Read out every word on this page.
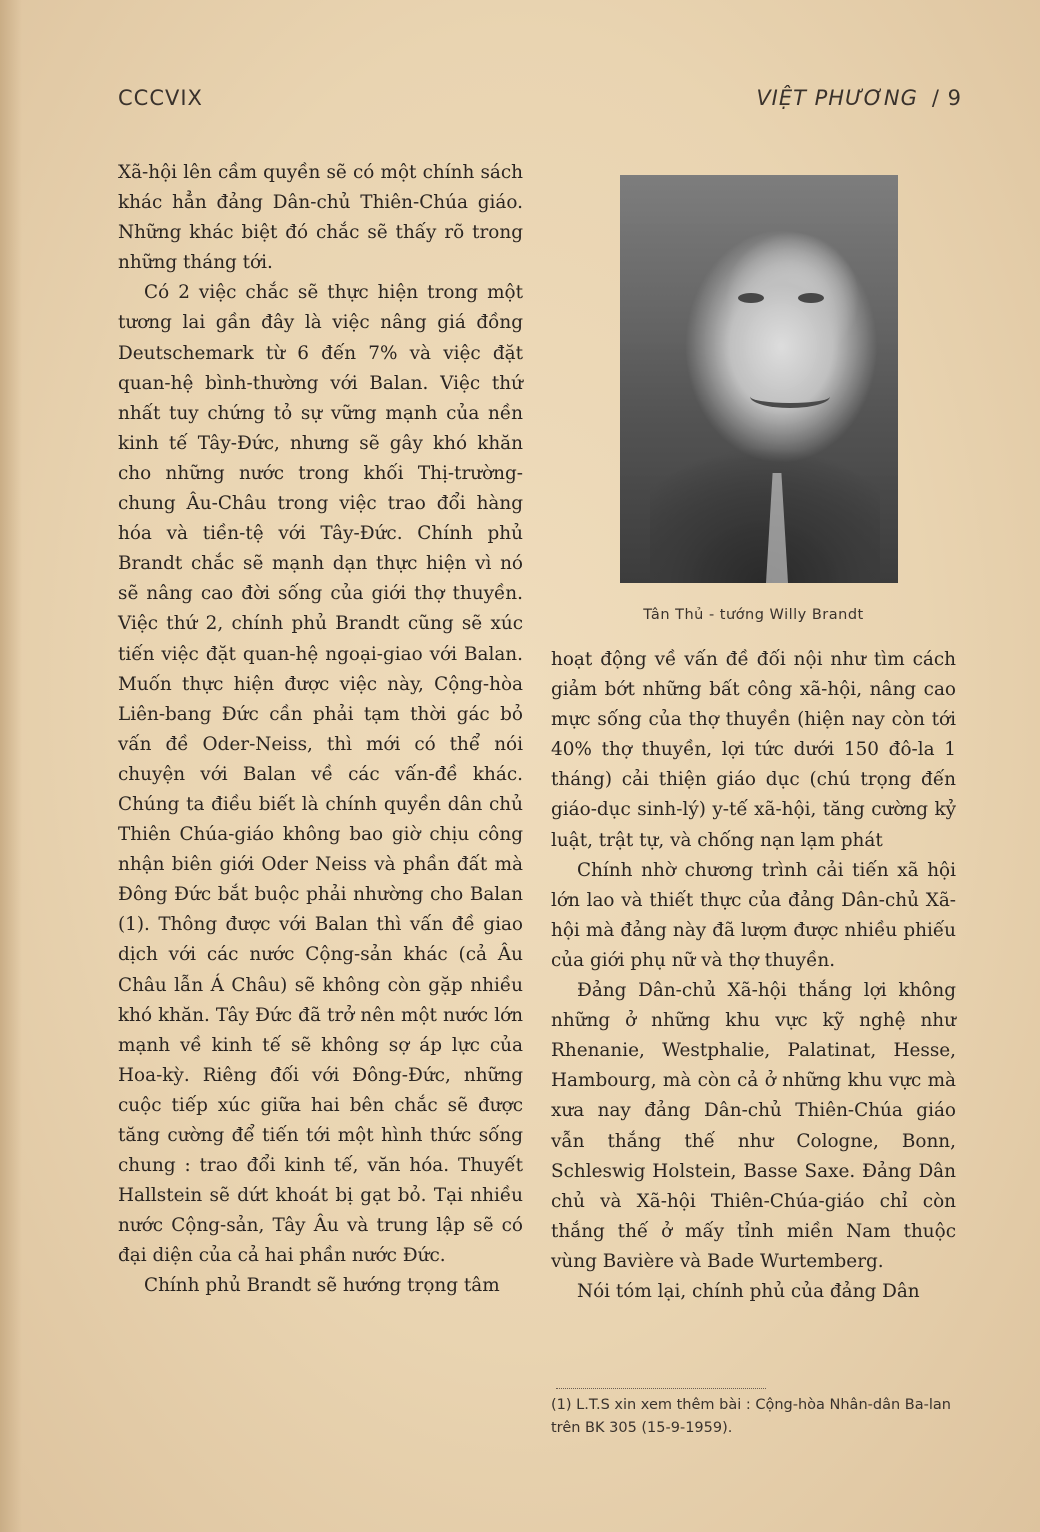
CCCVIX	VIỆT PHƯƠNG / 9

Xã-hội lên cầm quyền sẽ có một chính sách khác hẳn đảng Dân-chủ Thiên-Chúa giáo. Những khác biệt đó chắc sẽ thấy rõ trong những tháng tới.

Có 2 việc chắc sẽ thực hiện trong một tương lai gần đây là việc nâng giá đồng Deutschemark từ 6 đến 7% và việc đặt quan-hệ bình-thường với Balan. Việc thứ nhất tuy chứng tỏ sự vững mạnh của nền kinh tế Tây-Đức, nhưng sẽ gây khó khăn cho những nước trong khối Thị-trường-chung Âu-Châu trong việc trao đổi hàng hóa và tiền-tệ với Tây-Đức. Chính phủ Brandt chắc sẽ mạnh dạn thực hiện vì nó sẽ nâng cao đời sống của giới thợ thuyền. Việc thứ 2, chính phủ Brandt cũng sẽ xúc tiến việc đặt quan-hệ ngoại-giao với Balan. Muốn thực hiện được việc này, Cộng-hòa Liên-bang Đức cần phải tạm thời gác bỏ vấn đề Oder-Neiss, thì mới có thể nói chuyện với Balan về các vấn-đề khác. Chúng ta điều biết là chính quyền dân chủ Thiên Chúa-giáo không bao giờ chịu công nhận biên giới Oder Neiss và phần đất mà Đông Đức bắt buộc phải nhường cho Balan (1). Thông được với Balan thì vấn đề giao dịch với các nước Cộng-sản khác (cả Âu Châu lẫn Á Châu) sẽ không còn gặp nhiều khó khăn. Tây Đức đã trở nên một nước lớn mạnh về kinh tế sẽ không sợ áp lực của Hoa-kỳ. Riêng đối với Đông-Đức, những cuộc tiếp xúc giữa hai bên chắc sẽ được tăng cường để tiến tới một hình thức sống chung : trao đổi kinh tế, văn hóa. Thuyết Hallstein sẽ dứt khoát bị gạt bỏ. Tại nhiều nước Cộng-sản, Tây Âu và trung lập sẽ có đại diện của cả hai phần nước Đức.

Chính phủ Brandt sẽ hướng trọng tâm

Tân Thủ - tướng Willy Brandt

hoạt động về vấn đề đối nội như tìm cách giảm bớt những bất công xã-hội, nâng cao mực sống của thợ thuyền (hiện nay còn tới 40% thợ thuyền, lợi tức dưới 150 đô-la 1 tháng) cải thiện giáo dục (chú trọng đến giáo-dục sinh-lý) y-tế xã-hội, tăng cường kỷ luật, trật tự, và chống nạn lạm phát

Chính nhờ chương trình cải tiến xã hội lớn lao và thiết thực của đảng Dân-chủ Xã-hội mà đảng này đã lượm được nhiều phiếu của giới phụ nữ và thợ thuyền.

Đảng Dân-chủ Xã-hội thắng lợi không những ở những khu vực kỹ nghệ như Rhenanie, Westphalie, Palatinat, Hesse, Hambourg, mà còn cả ở những khu vực mà xưa nay đảng Dân-chủ Thiên-Chúa giáo vẫn thắng thế như Cologne, Bonn, Schleswig Holstein, Basse Saxe. Đảng Dân chủ và Xã-hội Thiên-Chúa-giáo chỉ còn thắng thế ở mấy tỉnh miền Nam thuộc vùng Bavière và Bade Wurtemberg.

Nói tóm lại, chính phủ của đảng Dân

(1) L.T.S xin xem thêm bài : Cộng-hòa Nhân-dân Ba-lan trên BK 305 (15-9-1959).
